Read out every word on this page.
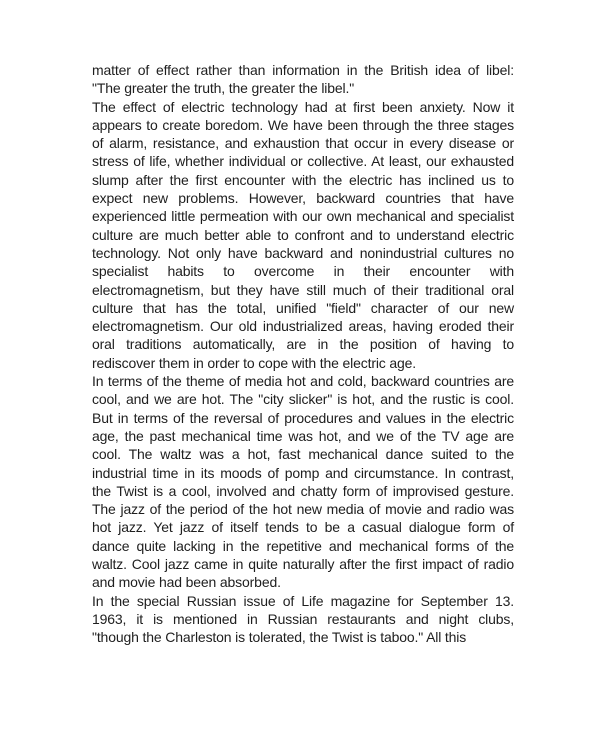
matter of effect rather than information in the British idea of libel:
"The greater the truth, the greater the libel."

The effect of electric technology had at first been anxiety. Now it
appears to create boredom. We have been through the three stages
of alarm, resistance, and exhaustion that occur in every disease or
stress of life, whether individual or collective. At least, our exhausted
slump after the first encounter with the electric has inclined us to
expect new problems. However, backward countries that have
experienced little permeation with our own mechanical and specialist
culture are much better able to confront and to understand electric
technology. Not only have backward and nonindustrial cultures no
specialist habits to overcome in their encounter with
electromagnetism, but they have still much of their traditional oral
culture that has the total, unified "field" character of our new
electromagnetism. Our old industrialized areas, having eroded their
oral traditions automatically, are in the position of having to
rediscover them in order to cope with the electric age.

In terms of the theme of media hot and cold, backward countries are
cool, and we are hot. The "city slicker" is hot, and the rustic is cool.
But in terms of the reversal of procedures and values in the electric
age, the past mechanical time was hot, and we of the TV age are
cool. The waltz was a hot, fast mechanical dance suited to the
industrial time in its moods of pomp and circumstance. In contrast,
the Twist is a cool, involved and chatty form of improvised gesture.
The jazz of the period of the hot new media of movie and radio was
hot jazz. Yet jazz of itself tends to be a casual dialogue form of
dance quite lacking in the repetitive and mechanical forms of the
waltz. Cool jazz came in quite naturally after the first impact of radio
and movie had been absorbed.

In the special Russian issue of Life magazine for September 13.
1963, it is mentioned in Russian restaurants and night clubs,
"though the Charleston is tolerated, the Twist is taboo." All this
